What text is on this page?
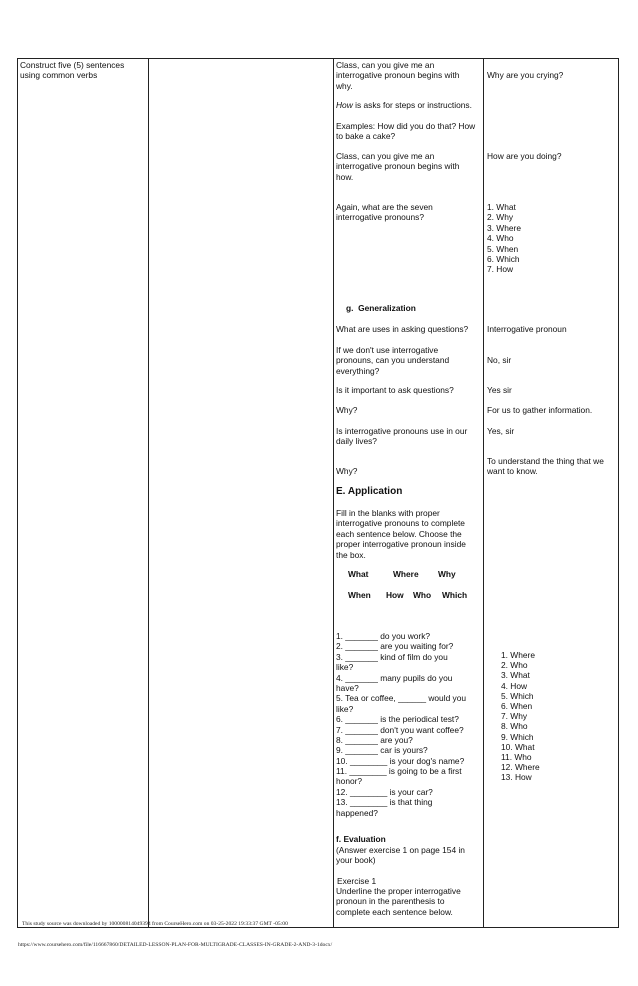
Construct five (5) sentences using common verbs
Class, can you give me an interrogative pronoun begins with why.
How is asks for steps or instructions.
Examples: How did you do that? How to bake a cake?
Class, can you give me an interrogative pronoun begins with how.
Again, what are the seven interrogative pronouns?
g. Generalization
What are uses in asking questions?
If we don't use interrogative pronouns, can you understand everything?
Is it important to ask questions?
Why?
Is interrogative pronouns use in our daily lives?
Why?
E. Application
Fill in the blanks with proper interrogative pronouns to complete each sentence below. Choose the proper interrogative pronoun inside the box.
What	Where Why
When How Who Which
1. _______ do you work?
2. _______ are you waiting for?
3. _______ kind of film do you
like?
4. _______ many pupils do you
have?
5. Tea or coffee, ______ would you
like?
6. _______ is the periodical test?
7. _______ don't you want coffee?
8. _______ are you?
9. _______ car is yours?
10. ________ is your dog's name?
11. ________ is going to be a first
honor?
12. ________ is your car?
13. ________ is that thing
happened?
f. Evaluation
(Answer exercise 1 on page 154 in your book)
Exercise 1
Underline the proper interrogative pronoun in the parenthesis to complete each sentence below.
Why are you crying?
How are you doing?
1. What
2. Why
3. Where
4. Who
5. When
6. Which
7. How
Interrogative pronoun
No, sir
Yes sir
For us to gather information.
Yes, sir
To understand the thing that we want to know.
1. Where
2. Who
3. What
4. How
5. Which
6. When
7. Why
8. Who
9. Which
10. What
11. Who
12. Where
13. How
This study source was downloaded by 100000814049394 from CourseHero.com on 03-25-2022 19:33:37 GMT -05:00
https://www.coursehero.com/file/116667860/DETAILED-LESSON-PLAN-FOR-MULTIGRADE-CLASSES-IN-GRADE-2-AND-3-1docx/
